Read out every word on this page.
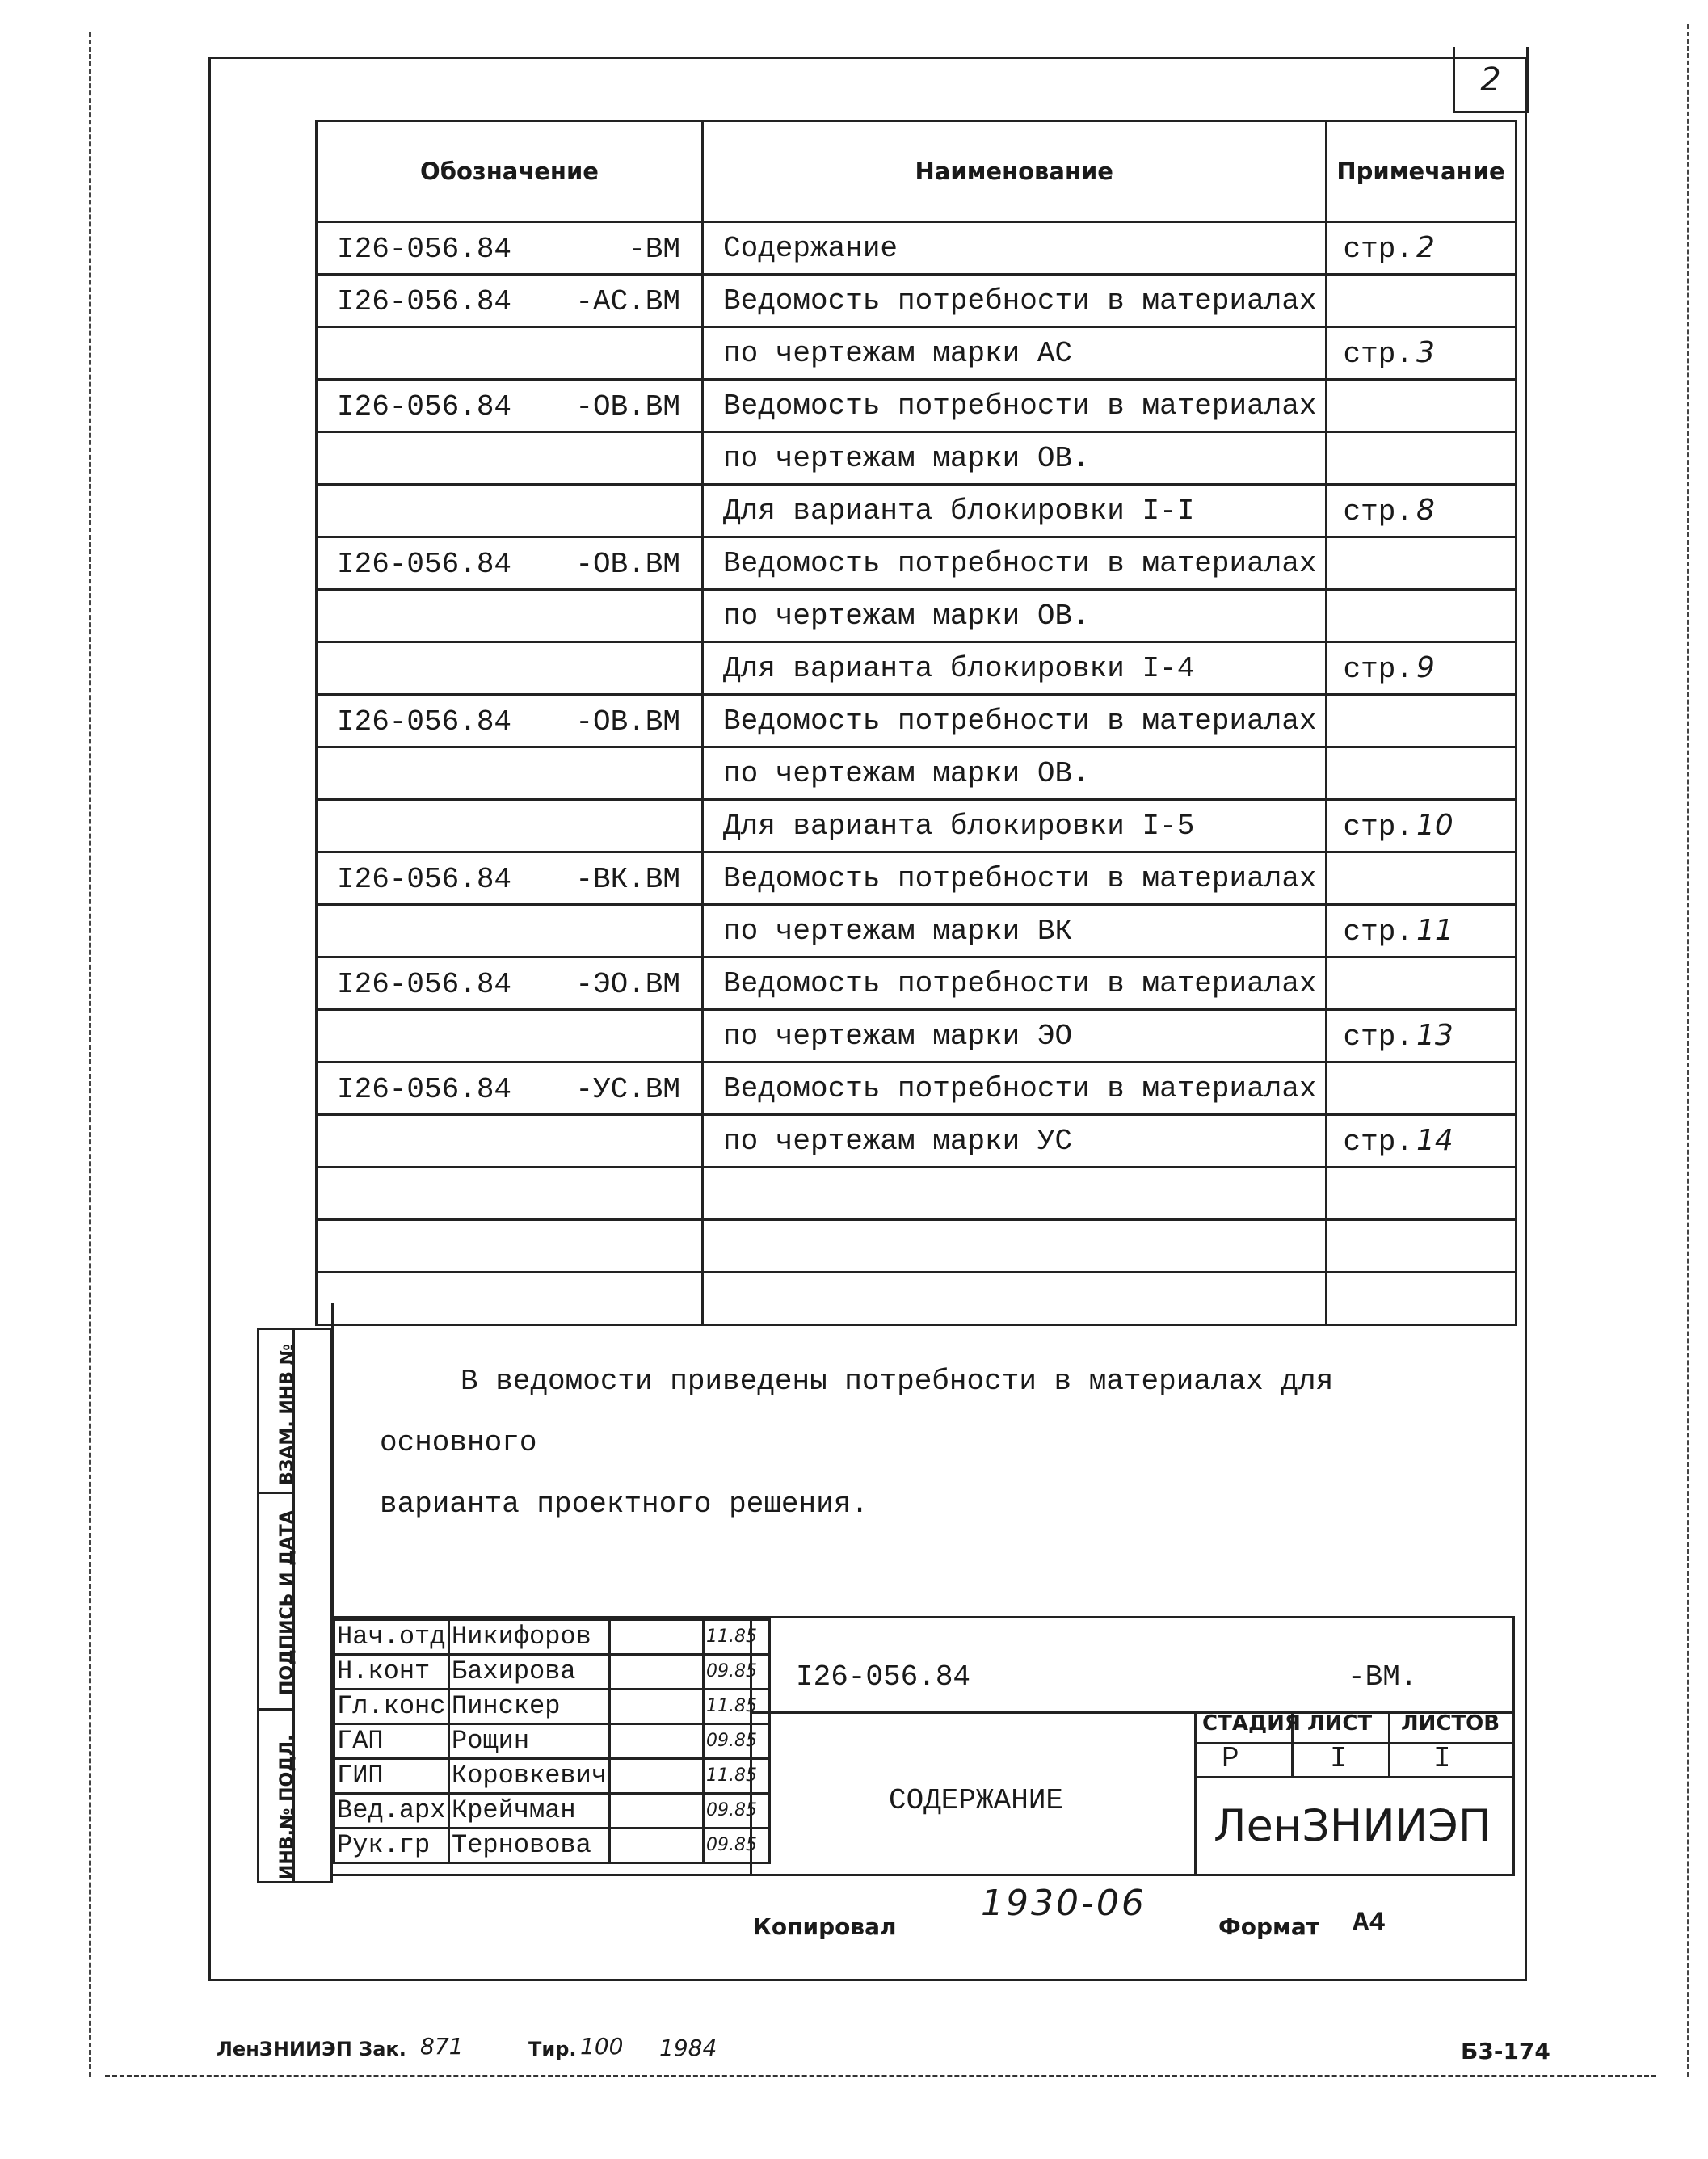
2
Обозначение	Наименование	Примечание

I26-056.84 -ВМ	Содержание	стр. 2

I26-056.84 -АС.ВМ	Ведомость потребности в материалах	

	по чертежам марки АС	стр. 3

I26-056.84 -ОВ.ВМ	Ведомость потребности в материалах	

	по чертежам марки ОВ.	

	Для варианта блокировки I-I	стр. 8

I26-056.84 -ОВ.ВМ	Ведомость потребности в материалах	

	по чертежам марки ОВ.	

	Для варианта блокировки I-4	стр. 9

I26-056.84 -ОВ.ВМ	Ведомость потребности в материалах	

	по чертежам марки ОВ.	

	Для варианта блокировки I-5	стр. 10

I26-056.84 -ВК.ВМ	Ведомость потребности в материалах	

	по чертежам марки ВК	стр. 11

I26-056.84 -ЭО.ВМ	Ведомость потребности в материалах	

	по чертежам марки ЭО	стр. 13

I26-056.84 -УС.ВМ	Ведомость потребности в материалах	

	по чертежам марки УС	стр. 14

В ведомости приведены потребности в материалах для основного
варианта проектного решения.
ИНВ.№ ПОДЛ.
ПОДПИСЬ И ДАТА
ВЗАМ. ИНВ №
Нач.отд	Никифоров		11.85
Н.конт	Бахирова		09.85
Гл.конс	Пинскер		11.85
ГАП	Рощин		09.85
ГИП	Коровкевич		11.85
Вед.арх	Крейчман		09.85
Рук.гр	Терновова		09.85
I26-056.84	-ВМ.
СОДЕРЖАНИЕ
СТАДИЯ ЛИСТ ЛИСТОВ
Р	I	I
ЛенЗНИИЭП
Копировал
1930-06
Формат А4
ЛенЗНИИЭП Зак. 871	Тир. 100 1984	Б3-174
